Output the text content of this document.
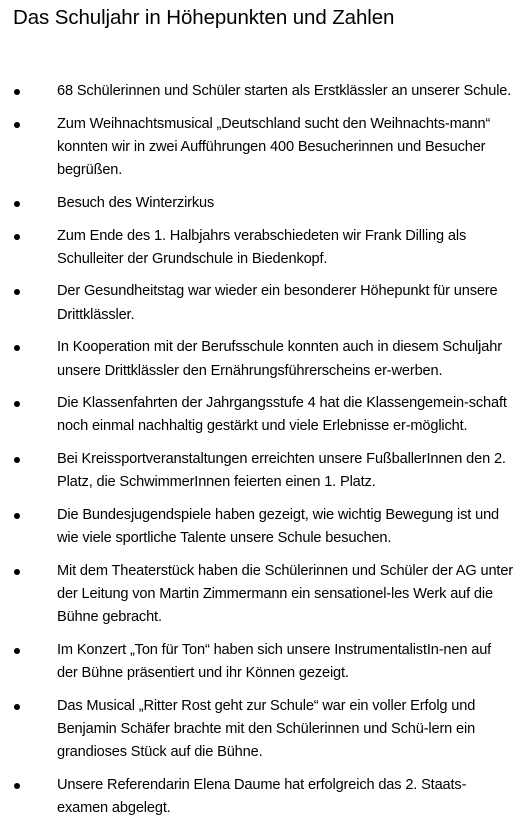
Das Schuljahr in Höhepunkten und Zahlen
68 Schülerinnen und Schüler starten als Erstklässler an unserer Schule.
Zum Weihnachtsmusical „Deutschland sucht den Weihnachts-mann“ konnten wir in zwei Aufführungen 400 Besucherinnen und Besucher begrüßen.
Besuch des Winterzirkus
Zum Ende des 1. Halbjahrs verabschiedeten wir Frank Dilling als Schulleiter der Grundschule in Biedenkopf.
Der Gesundheitstag war wieder ein besonderer Höhepunkt für unsere Drittklässler.
In Kooperation mit der Berufsschule konnten auch in diesem Schuljahr unsere Drittklässler den Ernährungsführerscheins er-werben.
Die Klassenfahrten der Jahrgangsstufe 4 hat die Klassengemein-schaft noch einmal nachhaltig gestärkt und viele Erlebnisse er-möglicht.
Bei Kreissportveranstaltungen erreichten unsere FußballerInnen den 2. Platz, die SchwimmerInnen feierten einen 1. Platz.
Die Bundesjugendspiele haben gezeigt, wie wichtig Bewegung ist und wie viele sportliche Talente unsere Schule besuchen.
Mit dem Theaterstück haben die Schülerinnen und Schüler der AG unter der Leitung von Martin Zimmermann ein sensationel-les Werk auf die Bühne gebracht.
Im Konzert „Ton für Ton“ haben sich unsere InstrumentalistIn-nen auf der Bühne präsentiert und ihr Können gezeigt.
Das Musical „Ritter Rost geht zur Schule“ war ein voller Erfolg und Benjamin Schäfer brachte mit den Schülerinnen und Schü-lern ein grandioses Stück auf die Bühne.
Unsere Referendarin Elena Daume hat erfolgreich das 2. Staats-examen abgelegt.
